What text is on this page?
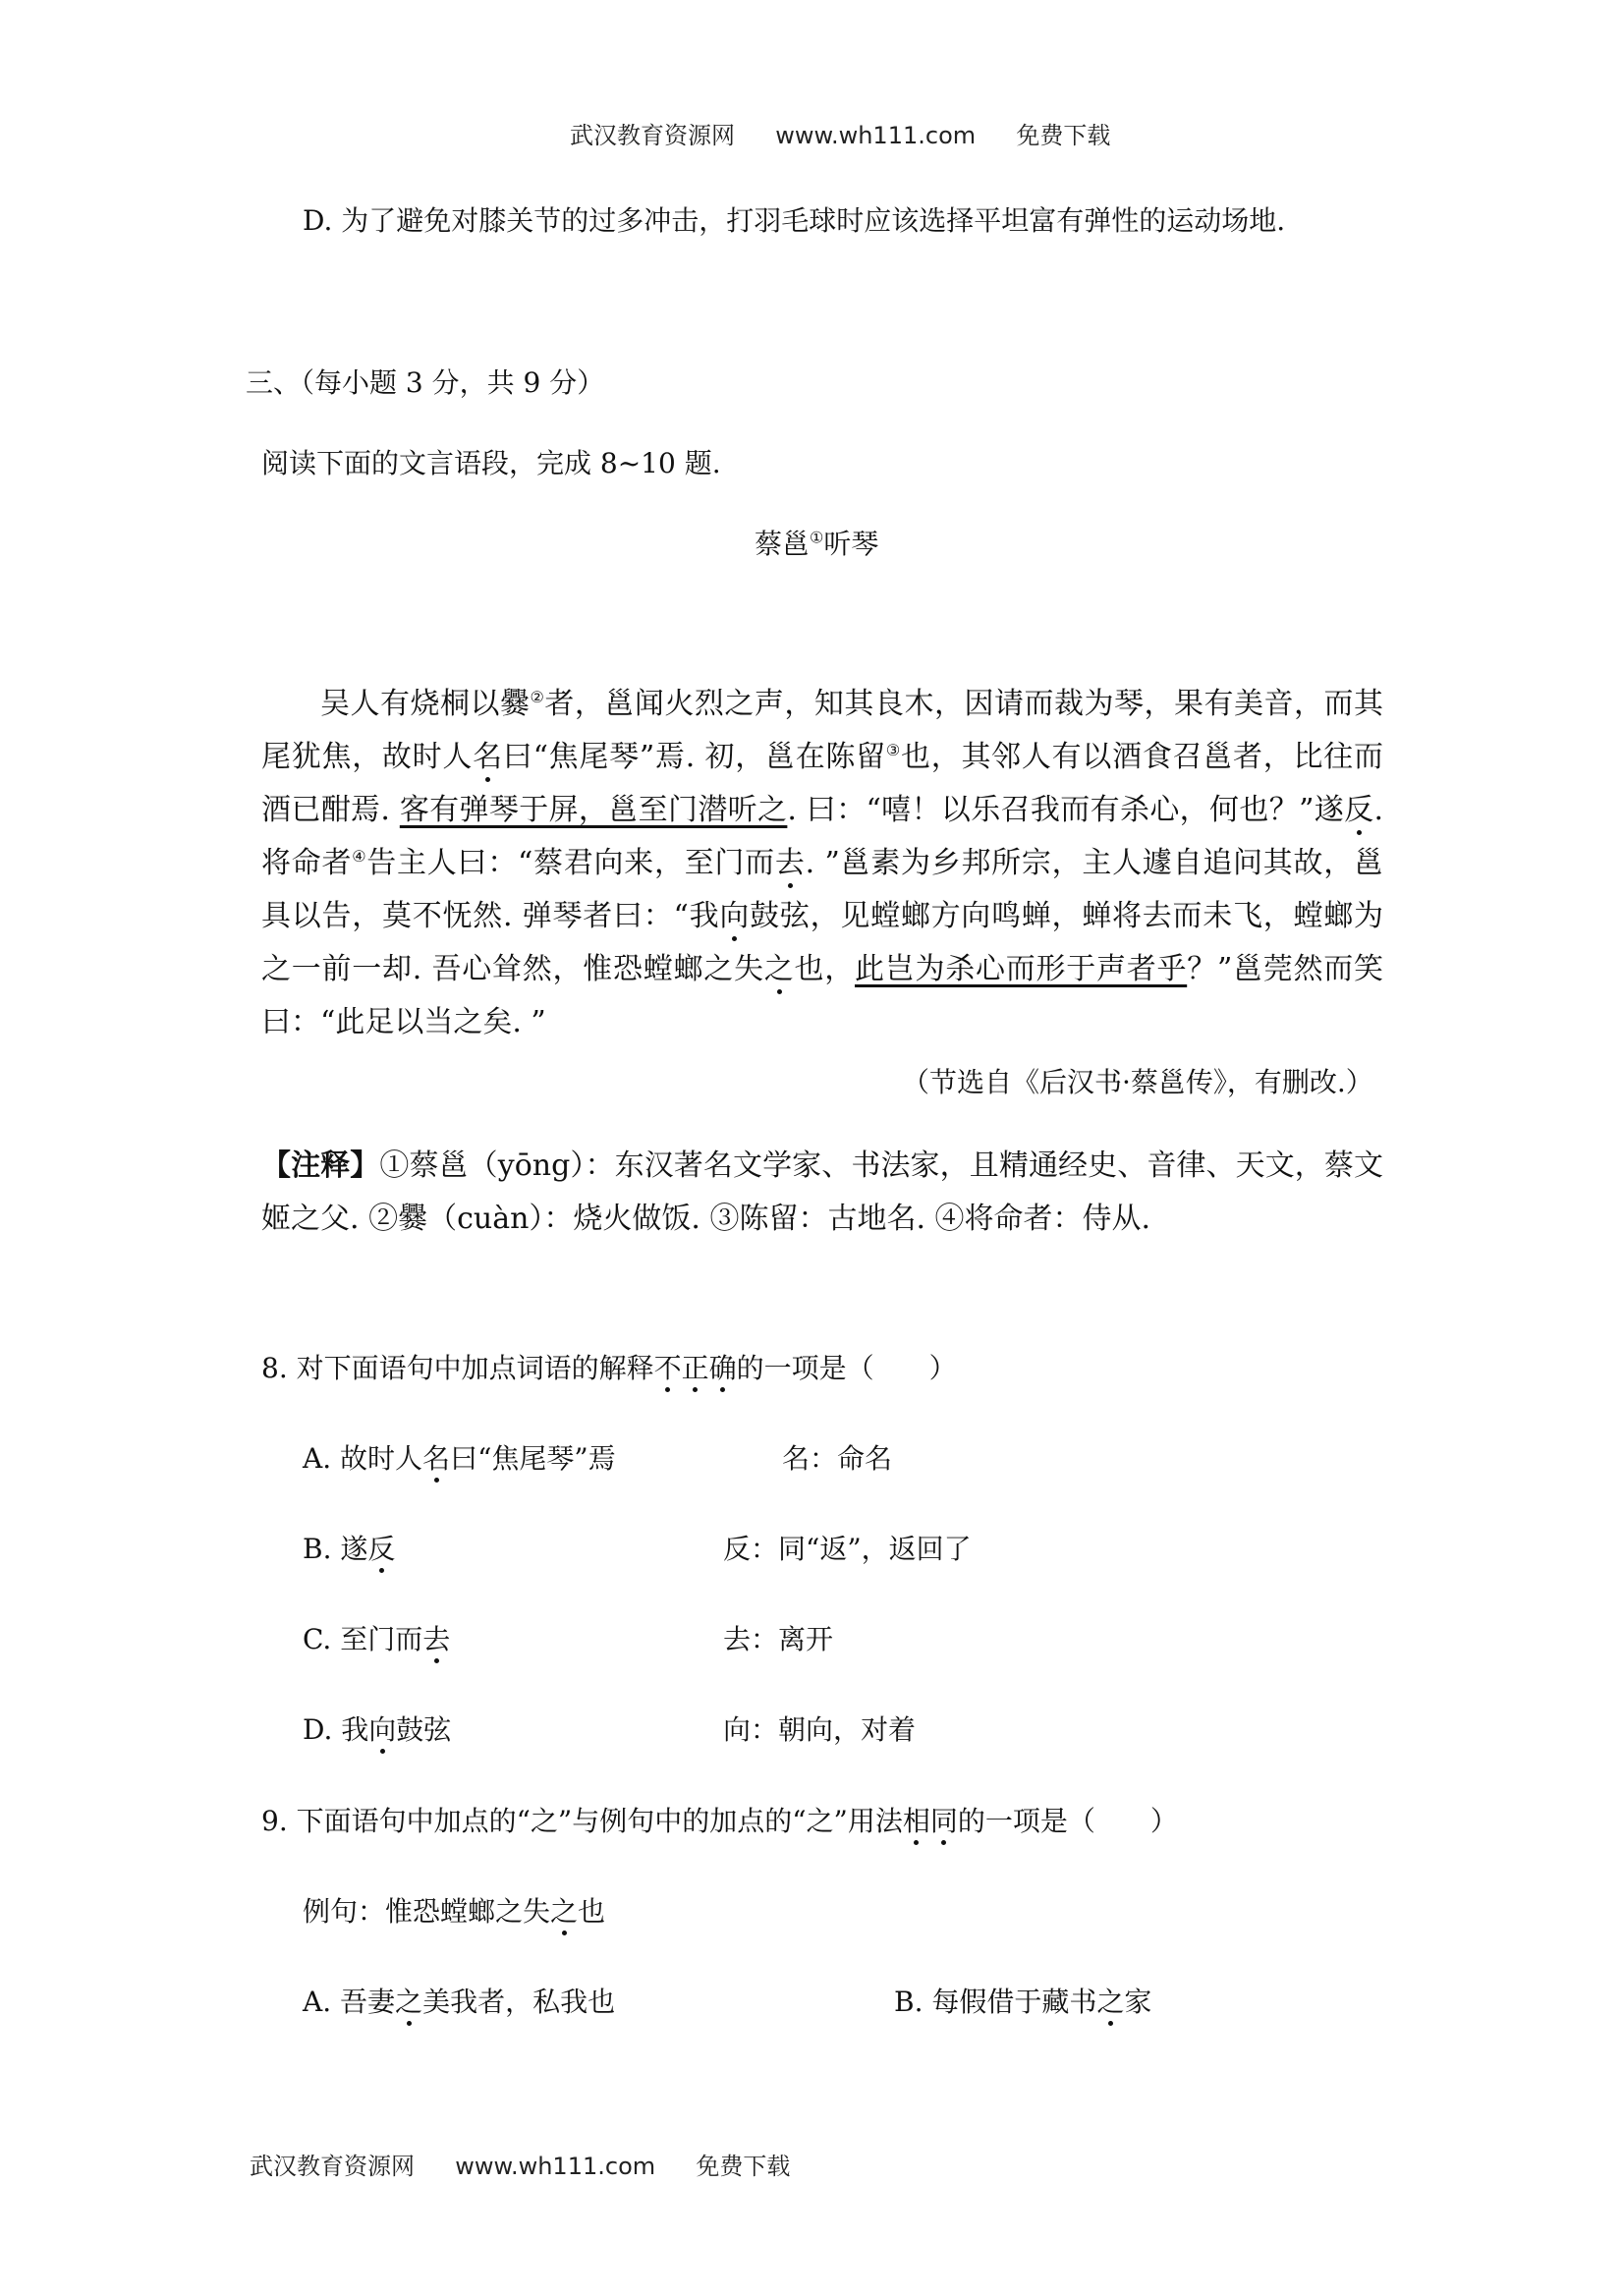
武汉教育资源网 www.wh111.com 免费下载
D. 为了避免对膝关节的过多冲击，打羽毛球时应该选择平坦富有弹性的运动场地.
三、（每小题 3 分，共 9 分）
阅读下面的文言语段，完成 8~10 题.
蔡邕①听琴
吴人有烧桐以爨②者，邕闻火烈之声，知其良木，因请而裁为琴，果有美音，而其尾犹焦，故时人名曰“焦尾琴”焉. 初，邕在陈留③也，其邻人有以酒食召邕者，比往而酒已酣焉. 客有弹琴于屏，邕至门潜听之. 曰：“嘻！以乐召我而有杀心，何也？”遂反. 将命者④告主人曰：“蔡君向来，至门而去. ”邕素为乡邦所宗，主人遽自追问其故，邕具以告，莫不怃然. 弹琴者曰：“我向鼓弦，见螳螂方向鸣蝉，蝉将去而未飞，螳螂为之一前一却. 吾心耸然，惟恐螳螂之失之也，此岂为杀心而形于声者乎？”邕莞然而笑曰：“此足以当之矣. ”
（节选自《后汉书·蔡邕传》，有删改.）
【注释】①蔡邕（yōng）：东汉著名文学家、书法家，且精通经史、音律、天文，蔡文姬之父. ②爨（cuàn）：烧火做饭. ③陈留：古地名. ④将命者：侍从.
8. 对下面语句中加点词语的解释不正确的一项是（　　）
A. 故时人名曰“焦尾琴”焉	名：命名
B. 遂反	反：同“返”，返回了
C. 至门而去	去：离开
D. 我向鼓弦	向：朝向，对着
9. 下面语句中加点的“之”与例句中的加点的“之”用法相同的一项是（　　）
例句：惟恐螳螂之失之也
A. 吾妻之美我者，私我也	B. 每假借于藏书之家
武汉教育资源网 www.wh111.com 免费下载
